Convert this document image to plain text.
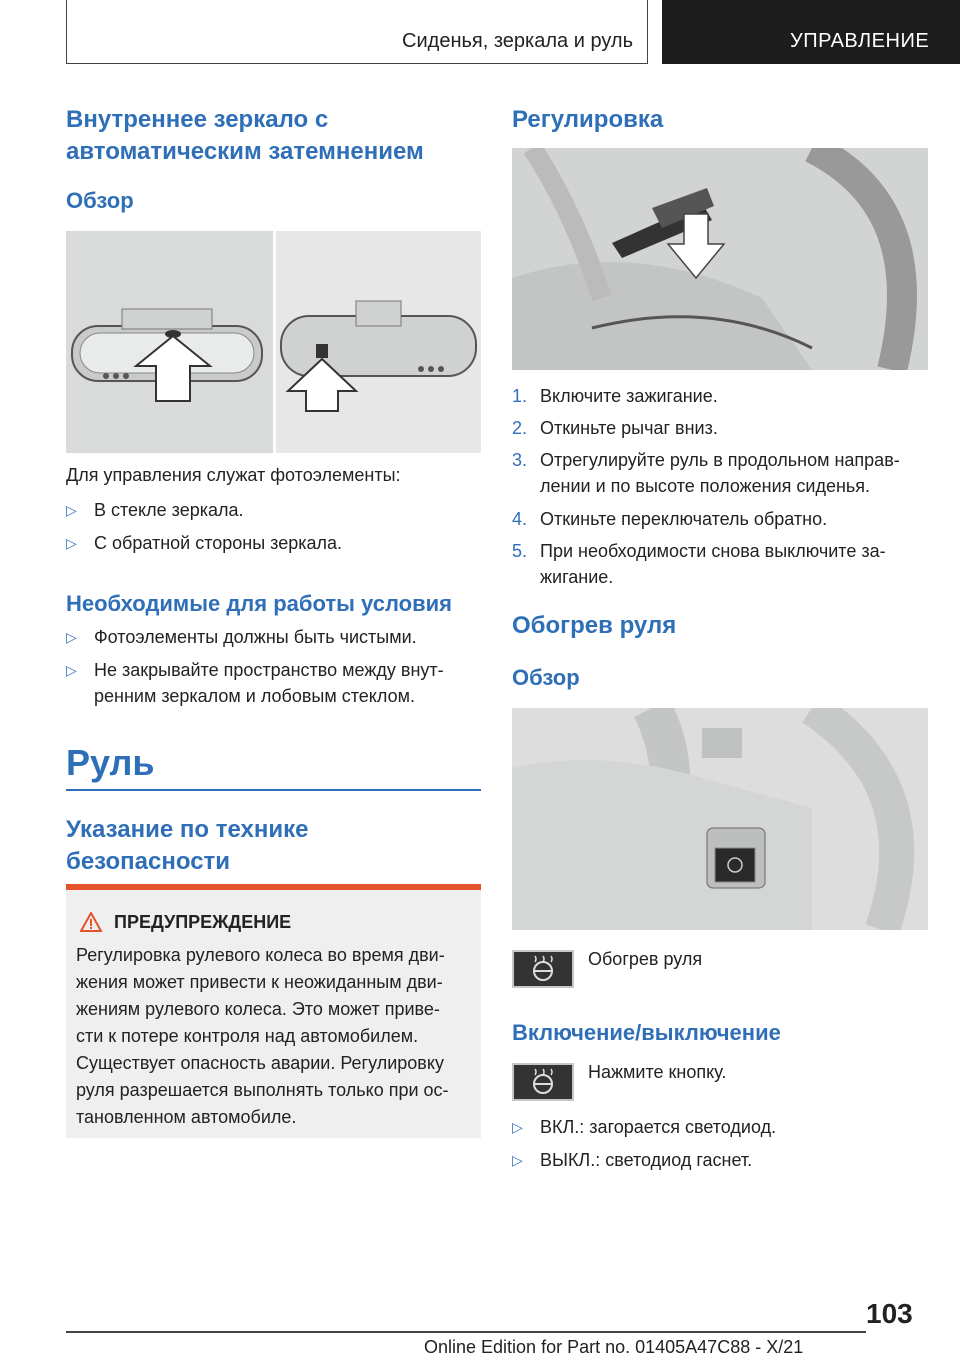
Сиденья, зеркала и руль	УПРАВЛЕНИЕ
Внутреннее зеркало с
автоматическим затемнением
Обзор
Для управления служат фотоэлементы:
▷ В стекле зеркала.
▷ С обратной стороны зеркала.
Необходимые для работы условия
▷ Фотоэлементы должны быть чистыми.
▷ Не закрывайте пространство между внут-
ренним зеркалом и лобовым стеклом.
Руль
Указание по технике
безопасности
ПРЕДУПРЕЖДЕНИЕ
Регулировка рулевого колеса во время дви-
жения может привести к неожиданным дви-
жениям рулевого колеса. Это может приве-
сти к потере контроля над автомобилем.
Существует опасность аварии. Регулировку
руля разрешается выполнять только при ос-
тановленном автомобиле.
Регулировка
1. Включите зажигание.
2. Откиньте рычаг вниз.
3. Отрегулируйте руль в продольном направ-
лении и по высоте положения сиденья.
4. Откиньте переключатель обратно.
5. При необходимости снова выключите за-
жигание.
Обогрев руля
Обзор
Обогрев руля
Включение/выключение
Нажмите кнопку.
▷ ВКЛ.: загорается светодиод.
▷ ВЫКЛ.: светодиод гаснет.
103
Online Edition for Part no. 01405A47C88 - X/21
